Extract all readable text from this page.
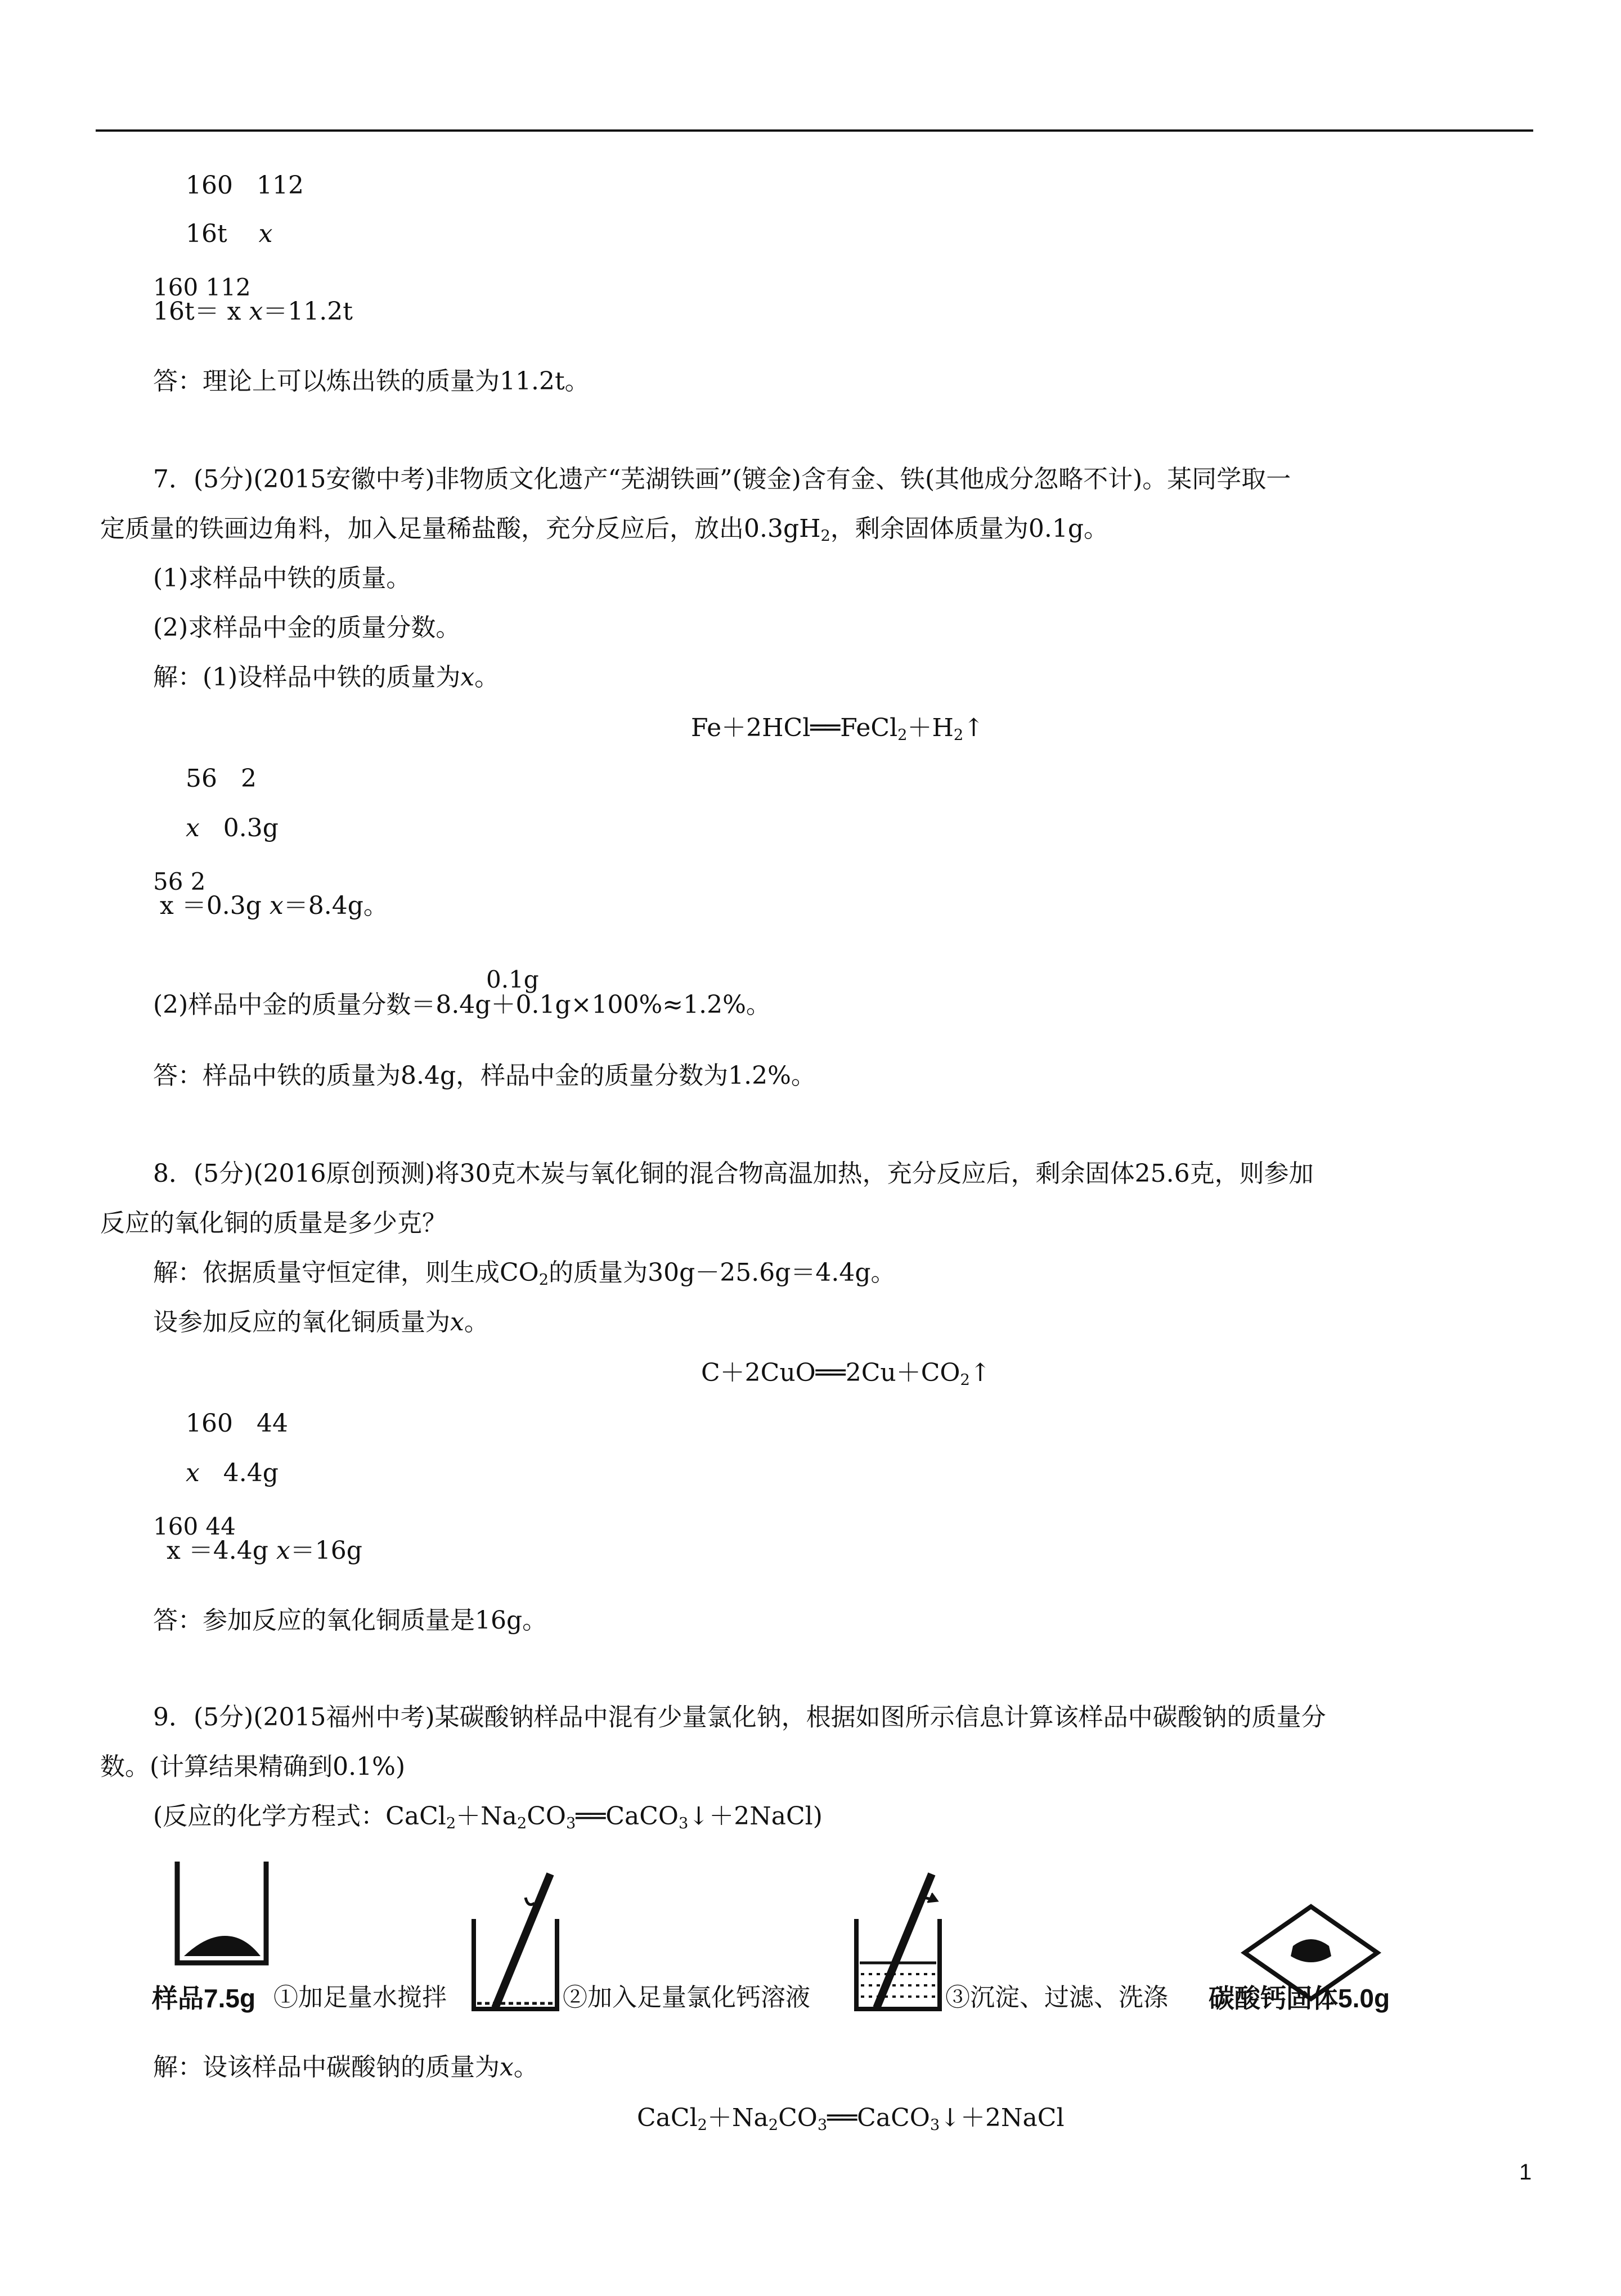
160 112
16t x
160 112
16t＝ x x＝11.2t
答：理论上可以炼出铁的质量为11.2t。
7．(5分)(2015安徽中考)非物质文化遗产“芜湖铁画”(镀金)含有金、铁(其他成分忽略不计)。某同学取一
定质量的铁画边角料，加入足量稀盐酸，充分反应后，放出$0.3gH_2$，剩余固体质量为0.1g。
(1)求样品中铁的质量。
(2)求样品中金的质量分数。
解：(1)设样品中铁的质量为x。
$Fe+2HCl══FeCl_2+H_2↑$
56 2
x 0.3g
56 2
x ＝0.3g x＝8.4g。
0.1g
(2)样品中金的质量分数＝8.4g＋0.1g×100%≈1.2%。
答：样品中铁的质量为8.4g，样品中金的质量分数为1.2%。
8．(5分)(2016原创预测)将30克木炭与氧化铜的混合物高温加热，充分反应后，剩余固体25.6克，则参加
反应的氧化铜的质量是多少克？
解：依据质量守恒定律，则生成$CO_2$的质量为30g－25.6g＝4.4g。
设参加反应的氧化铜质量为x。
$C+2CuO══2Cu+CO_2↑$
160 44
x 4.4g
160 44
x ＝4.4g x＝16g
答：参加反应的氧化铜质量是16g。
9．(5分)(2015福州中考)某碳酸钠样品中混有少量氯化钠，根据如图所示信息计算该样品中碳酸钠的质量分
数。(计算结果精确到0.1%)
(反应的化学方程式：$CaCl_2+Na_2CO_3══CaCO_3↓+2NaCl$)
样品7.5g ①加足量水搅拌	②加入足量氯化钙溶液	③沉淀、过滤、洗涤 碳酸钙固体5.0g
解：设该样品中碳酸钠的质量为x。
$CaCl_2+Na_2CO_3══CaCO_3↓+2NaCl$
1
